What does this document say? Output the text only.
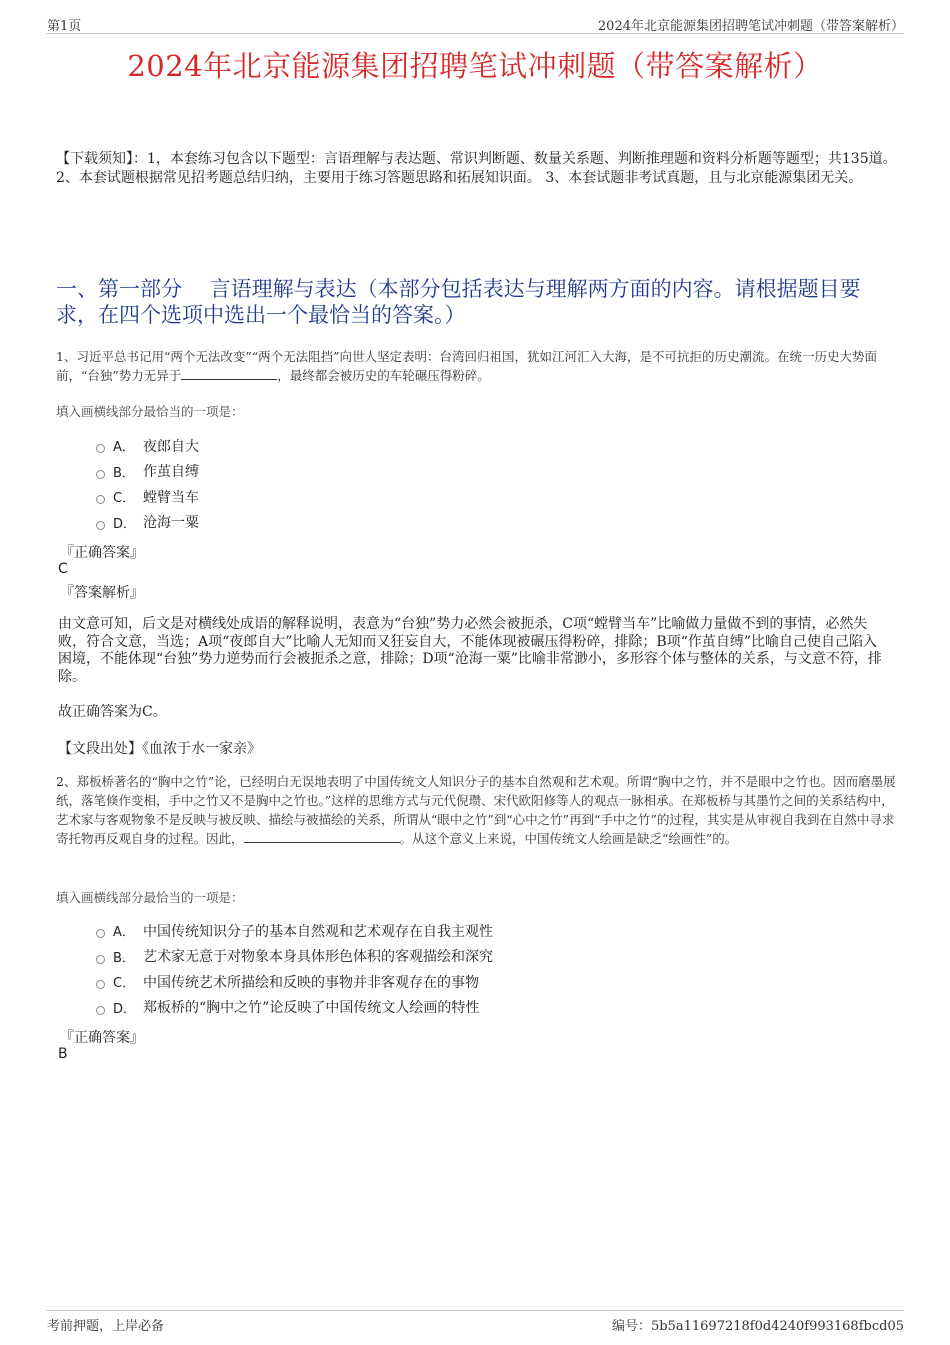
第1页	2024年北京能源集团招聘笔试冲刺题（带答案解析）
2024年北京能源集团招聘笔试冲刺题（带答案解析）
【下载须知】：1，本套练习包含以下题型：言语理解与表达题、常识判断题、数量关系题、判断推理题和资料分析题等题型；共135道。 2、本套试题根据常见招考题总结归纳，主要用于练习答题思路和拓展知识面。 3、本套试题非考试真题，且与北京能源集团无关。
一、第一部分　 言语理解与表达（本部分包括表达与理解两方面的内容。请根据题目要求，在四个选项中选出一个最恰当的答案。）
1、习近平总书记用“两个无法改变”“两个无法阻挡”向世人坚定表明：台湾回归祖国，犹如江河汇入大海，是不可抗拒的历史潮流。在统一历史大势面前，“台独”势力无异于	，最终都会被历史的车轮碾压得粉碎。
填入画横线部分最恰当的一项是：
A． 夜郎自大
B． 作茧自缚
C． 螳臂当车
D． 沧海一粟
『正确答案』
C
『答案解析』
由文意可知，后文是对横线处成语的解释说明，表意为“台独”势力必然会被扼杀，C项“螳臂当车”比喻做力量做不到的事情，必然失败，符合文意，当选；A项“夜郎自大”比喻人无知而又狂妄自大，不能体现被碾压得粉碎，排除；B项“作茧自缚”比喻自己使自己陷入困境，不能体现“台独”势力逆势而行会被扼杀之意，排除；D项“沧海一粟”比喻非常渺小，多形容个体与整体的关系，与文意不符，排除。
故正确答案为C。
【文段出处】《血浓于水一家亲》
2、郑板桥著名的“胸中之竹”论，已经明白无误地表明了中国传统文人知识分子的基本自然观和艺术观。所谓“胸中之竹，并不是眼中之竹也。因而磨墨展纸，落笔倏作变相，手中之竹又不是胸中之竹也。”这样的思维方式与元代倪瓒、宋代欧阳修等人的观点一脉相承。在郑板桥与其墨竹之间的关系结构中，艺术家与客观物象不是反映与被反映、描绘与被描绘的关系，所谓从“眼中之竹”到“心中之竹”再到“手中之竹”的过程，其实是从审视自我到在自然中寻求寄托物再反观自身的过程。因此，	。从这个意义上来说，中国传统文人绘画是缺乏“绘画性”的。
填入画横线部分最恰当的一项是：
A． 中国传统知识分子的基本自然观和艺术观存在自我主观性
B． 艺术家无意于对物象本身具体形色体积的客观描绘和深究
C． 中国传统艺术所描绘和反映的事物并非客观存在的事物
D． 郑板桥的“胸中之竹”论反映了中国传统文人绘画的特性
『正确答案』
B
考前押题，上岸必备	编号：5b5a11697218f0d4240f993168fbcd05
